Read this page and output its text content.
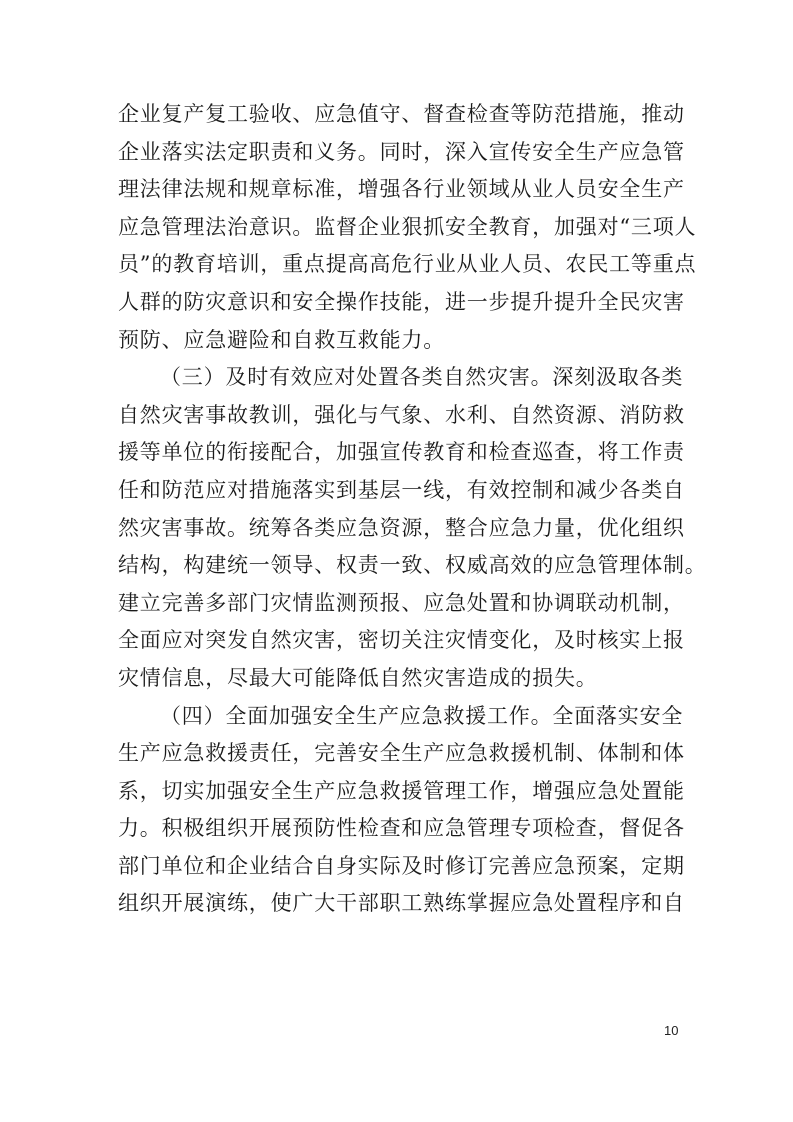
企业复产复工验收、应急值守、督查检查等防范措施，推动
企业落实法定职责和义务。同时，深入宣传安全生产应急管
理法律法规和规章标准，增强各行业领域从业人员安全生产
应急管理法治意识。监督企业狠抓安全教育，加强对“三项人
员”的教育培训，重点提高高危行业从业人员、农民工等重点
人群的防灾意识和安全操作技能，进一步提升提升全民灾害
预防、应急避险和自救互救能力。
（三）及时有效应对处置各类自然灾害。深刻汲取各类
自然灾害事故教训，强化与气象、水利、自然资源、消防救
援等单位的衔接配合，加强宣传教育和检查巡查，将工作责
任和防范应对措施落实到基层一线，有效控制和减少各类自
然灾害事故。统筹各类应急资源，整合应急力量，优化组织
结构，构建统一领导、权责一致、权威高效的应急管理体制。
建立完善多部门灾情监测预报、应急处置和协调联动机制，
全面应对突发自然灾害，密切关注灾情变化，及时核实上报
灾情信息，尽最大可能降低自然灾害造成的损失。
（四）全面加强安全生产应急救援工作。全面落实安全
生产应急救援责任，完善安全生产应急救援机制、体制和体
系，切实加强安全生产应急救援管理工作，增强应急处置能
力。积极组织开展预防性检查和应急管理专项检查，督促各
部门单位和企业结合自身实际及时修订完善应急预案，定期
组织开展演练，使广大干部职工熟练掌握应急处置程序和自
10
